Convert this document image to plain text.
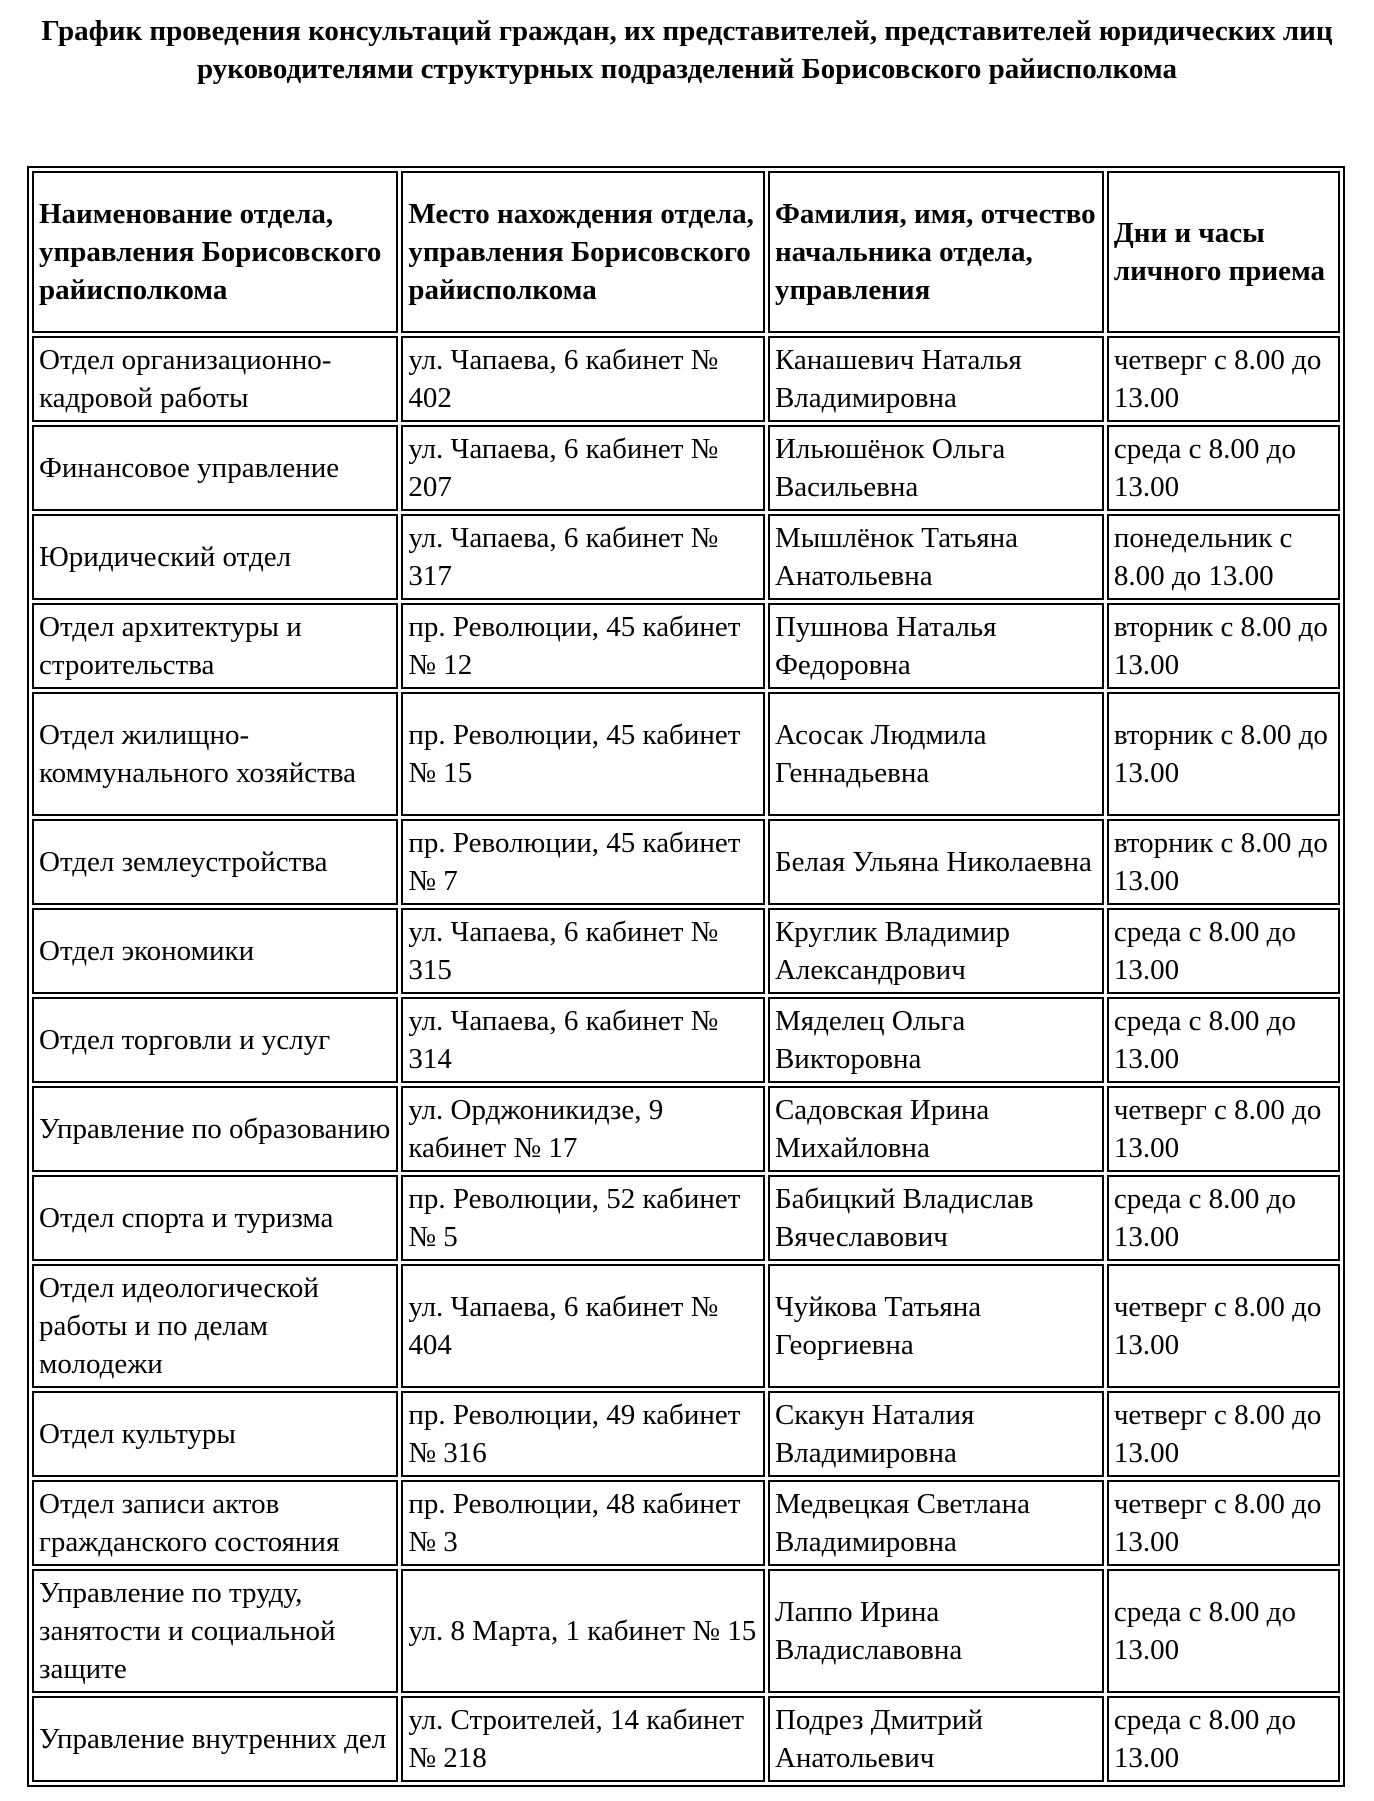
График проведения консультаций граждан, их представителей, представителей юридических лиц руководителями структурных подразделений Борисовского райисполкома
Наименование отдела, управления Борисовского райисполкома	Место нахождения отдела, управления Борисовского райисполкома	Фамилия, имя, отчество начальника отдела, управления	Дни и часы личного приема
Отдел организационно-кадровой работы	ул. Чапаева, 6 кабинет № 402	Канашевич Наталья Владимировна	четверг с 8.00 до 13.00
Финансовое управление	ул. Чапаева, 6 кабинет № 207	Ильюшёнок Ольга Васильевна	среда с 8.00 до 13.00
Юридический отдел	ул. Чапаева, 6 кабинет № 317	Мышлёнок Татьяна Анатольевна	понедельник с 8.00 до 13.00
Отдел архитектуры и строительства	пр. Революции, 45 кабинет № 12	Пушнова Наталья Федоровна	вторник с 8.00 до 13.00
Отдел жилищно-коммунального хозяйства	пр. Революции, 45 кабинет № 15	Асосак Людмила Геннадьевна	вторник с 8.00 до 13.00
Отдел землеустройства	пр. Революции, 45 кабинет № 7	Белая Ульяна Николаевна	вторник с 8.00 до 13.00
Отдел экономики	ул. Чапаева, 6 кабинет № 315	Круглик Владимир Александрович	среда с 8.00 до 13.00
Отдел торговли и услуг	ул. Чапаева, 6 кабинет № 314	Мяделец Ольга Викторовна	среда с 8.00 до 13.00
Управление по образованию	ул. Орджоникидзе, 9 кабинет № 17	Садовская Ирина Михайловна	четверг с 8.00 до 13.00
Отдел спорта и туризма	пр. Революции, 52 кабинет № 5	Бабицкий Владислав Вячеславович	среда с 8.00 до 13.00
Отдел идеологической работы и по делам молодежи	ул. Чапаева, 6 кабинет № 404	Чуйкова Татьяна Георгиевна	четверг с 8.00 до 13.00
Отдел культуры	пр. Революции, 49 кабинет № 316	Скакун Наталия Владимировна	четверг с 8.00 до 13.00
Отдел записи актов гражданского состояния	пр. Революции, 48 кабинет № 3	Медвецкая Светлана Владимировна	четверг с 8.00 до 13.00
Управление по труду, занятости и социальной защите	ул. 8 Марта, 1 кабинет № 15	Лаппо Ирина Владиславовна	среда с 8.00 до 13.00
Управление внутренних дел	ул. Строителей, 14 кабинет № 218	Подрез Дмитрий Анатольевич	среда с 8.00 до 13.00
